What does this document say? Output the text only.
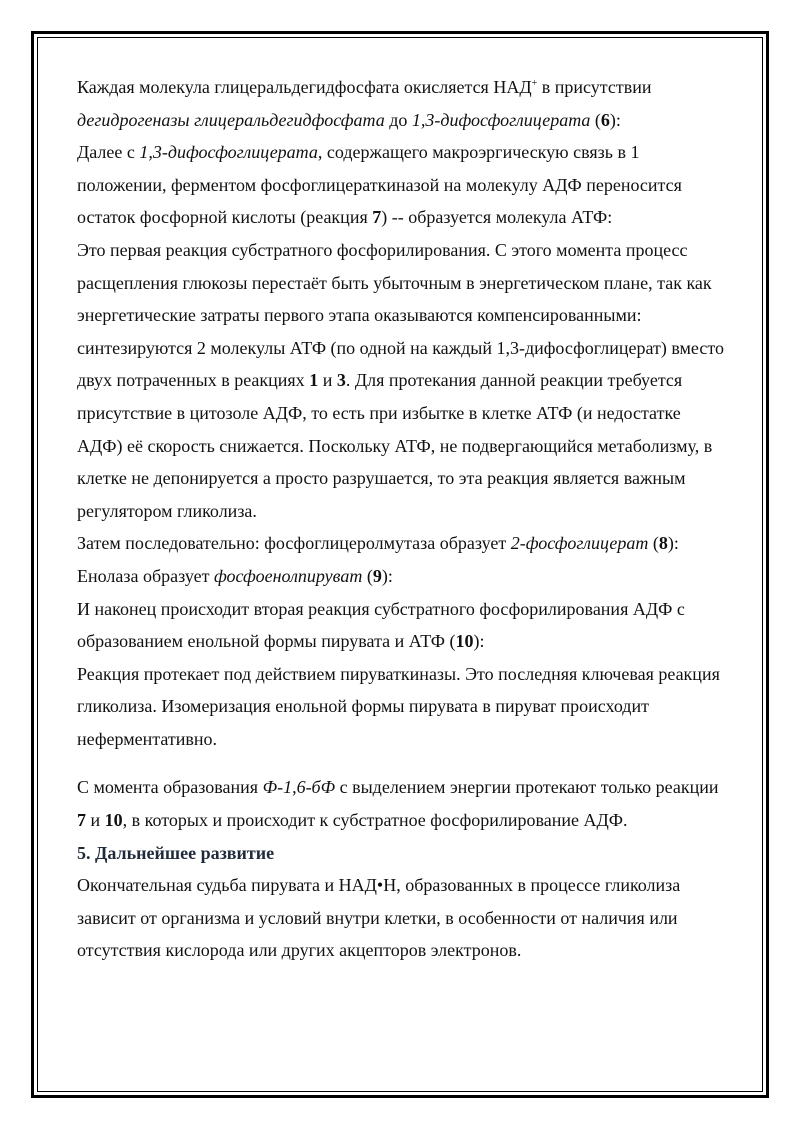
Каждая молекула глицеральдегидфосфата окисляется НАД+ в присутствии дегидрогеназы глицеральдегидфосфата до 1,3-дифосфоглицерата (6):

Далее с 1,3-дифосфоглицерата, содержащего макроэргическую связь в 1 положении, ферментом фосфоглицераткиназой на молекулу АДФ переносится остаток фосфорной кислоты (реакция 7) -- образуется молекула АТФ:

Это первая реакция субстратного фосфорилирования. С этого момента процесс расщепления глюкозы перестаёт быть убыточным в энергетическом плане, так как энергетические затраты первого этапа оказываются компенсированными: синтезируются 2 молекулы АТФ (по одной на каждый 1,3-дифосфоглицерат) вместо двух потраченных в реакциях 1 и 3. Для протекания данной реакции требуется присутствие в цитозоле АДФ, то есть при избытке в клетке АТФ (и недостатке АДФ) её скорость снижается. Поскольку АТФ, не подвергающийся метаболизму, в клетке не депонируется а просто разрушается, то эта реакция является важным регулятором гликолиза.

Затем последовательно: фосфоглицеролмутаза образует 2-фосфоглицерат (8):

Енолаза образует фосфоенолпируват (9):

И наконец происходит вторая реакция субстратного фосфорилирования АДФ с образованием енольной формы пирувата и АТФ (10):

Реакция протекает под действием пируваткиназы. Это последняя ключевая реакция гликолиза. Изомеризация енольной формы пирувата в пируват происходит неферментативно.

С момента образования Ф-1,6-бФ с выделением энергии протекают только реакции 7 и 10, в которых и происходит к субстратное фосфорилирование АДФ.

5. Дальнейшее развитие

Окончательная судьба пирувата и НАД•Н, образованных в процессе гликолиза зависит от организма и условий внутри клетки, в особенности от наличия или отсутствия кислорода или других акцепторов электронов.
